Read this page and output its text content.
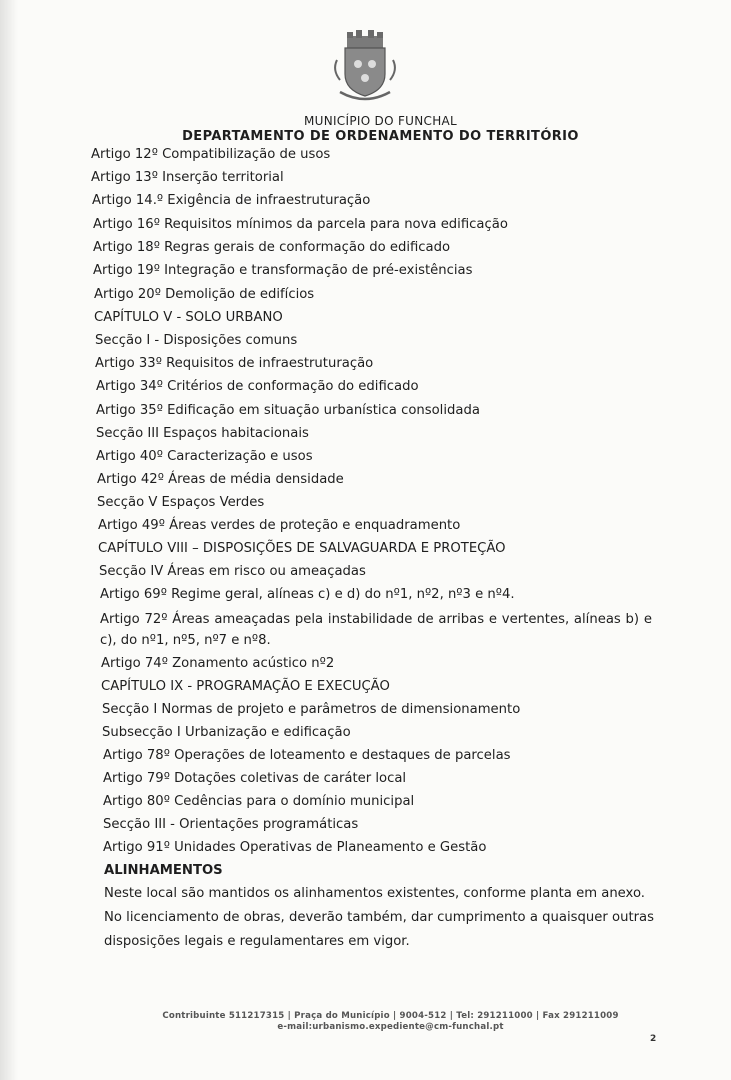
MUNICÍPIO DO FUNCHAL
DEPARTAMENTO DE ORDENAMENTO DO TERRITÓRIO
Artigo 12º Compatibilização de usos
Artigo 13º Inserção territorial
Artigo 14.º Exigência de infraestruturação
Artigo 16º Requisitos mínimos da parcela para nova edificação
Artigo 18º Regras gerais de conformação do edificado
Artigo 19º Integração e transformação de pré-existências
Artigo 20º Demolição de edifícios
CAPÍTULO V - SOLO URBANO
Secção I - Disposições comuns
Artigo 33º Requisitos de infraestruturação
Artigo 34º Critérios de conformação do edificado
Artigo 35º Edificação em situação urbanística consolidada
Secção III Espaços habitacionais
Artigo 40º Caracterização e usos
Artigo 42º Áreas de média densidade
Secção V Espaços Verdes
Artigo 49º Áreas verdes de proteção e enquadramento
CAPÍTULO VIII – DISPOSIÇÕES DE SALVAGUARDA E PROTEÇÃO
Secção IV Áreas em risco ou ameaçadas
Artigo 69º Regime geral, alíneas c) e d) do nº1, nº2, nº3 e nº4.
Artigo 72º Áreas ameaçadas pela instabilidade de arribas e vertentes, alíneas b) e c), do nº1, nº5, nº7 e nº8.
Artigo 74º Zonamento acústico nº2
CAPÍTULO IX - PROGRAMAÇÃO E EXECUÇÃO
Secção I Normas de projeto e parâmetros de dimensionamento
Subsecção I Urbanização e edificação
Artigo 78º Operações de loteamento e destaques de parcelas
Artigo 79º Dotações coletivas de caráter local
Artigo 80º Cedências para o domínio municipal
Secção III - Orientações programáticas
Artigo 91º Unidades Operativas de Planeamento e Gestão
ALINHAMENTOS
Neste local são mantidos os alinhamentos existentes, conforme planta em anexo.
No licenciamento de obras, deverão também, dar cumprimento a quaisquer outras disposições legais e regulamentares em vigor.
Contribuinte 511217315 | Praça do Município | 9004-512 | Tel: 291211000 | Fax 291211009
e-mail:urbanismo.expediente@cm-funchal.pt
2
